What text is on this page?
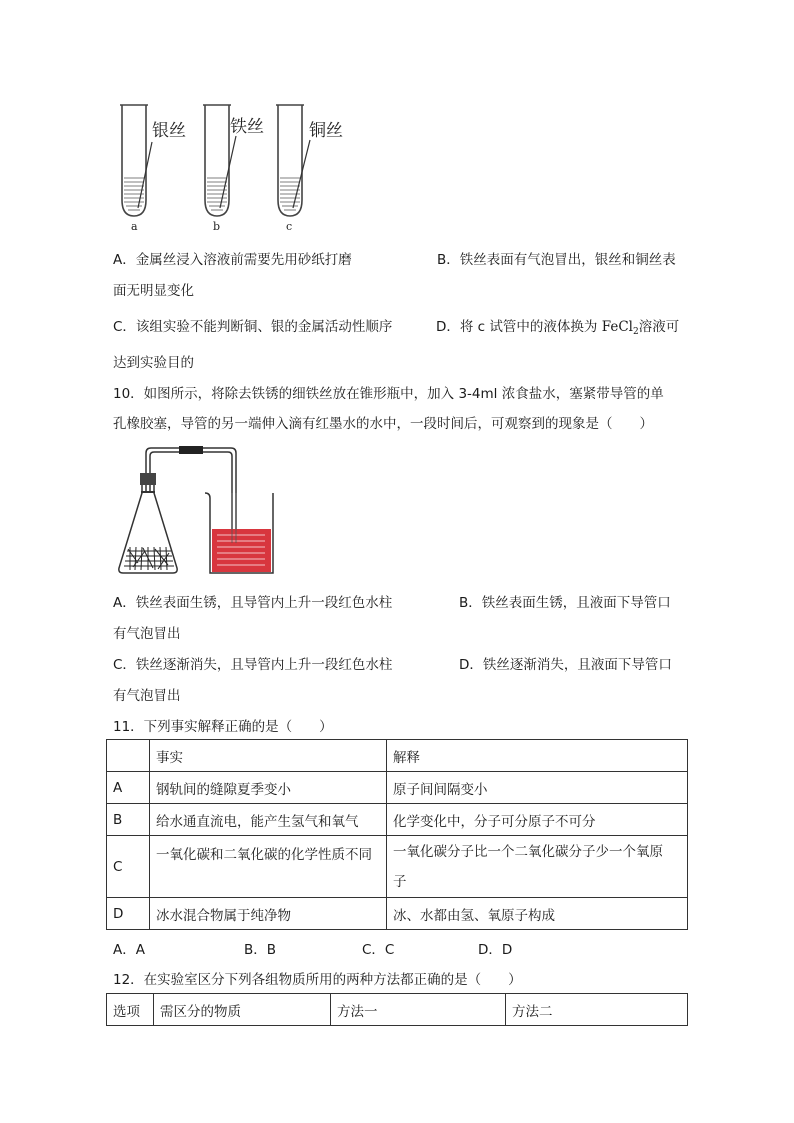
银丝	铁丝	铜丝
a	b	c
A．金属丝浸入溶液前需要先用砂纸打磨	B．铁丝表面有气泡冒出，银丝和铜丝表
面无明显变化
C．该组实验不能判断铜、银的金属活动性顺序	D．将 c 试管中的液体换为 FeCl$_2$溶液可
达到实验目的
10．如图所示，将除去铁锈的细铁丝放在锥形瓶中，加入 3-4ml 浓食盐水，塞紧带导管的单
孔橡胶塞，导管的另一端伸入滴有红墨水的水中，一段时间后，可观察到的现象是（　　）
A．铁丝表面生锈，且导管内上升一段红色水柱	B．铁丝表面生锈，且液面下导管口
有气泡冒出
C．铁丝逐渐消失，且导管内上升一段红色水柱	D．铁丝逐渐消失，且液面下导管口
有气泡冒出
11．下列事实解释正确的是（　　）
	事实	解释
A	钢轨间的缝隙夏季变小	原子间间隔变小
B	给水通直流电，能产生氢气和氧气	化学变化中，分子可分原子不可分
C	一氧化碳和二氧化碳的化学性质不同	一氧化碳分子比一个二氧化碳分子少一个氧原
子

D	冰水混合物属于纯净物	冰、水都由氢、氧原子构成
A．A	B．B	C．C	D．D
12．在实验室区分下列各组物质所用的两种方法都正确的是（　　）
选项	需区分的物质	方法一	方法二
